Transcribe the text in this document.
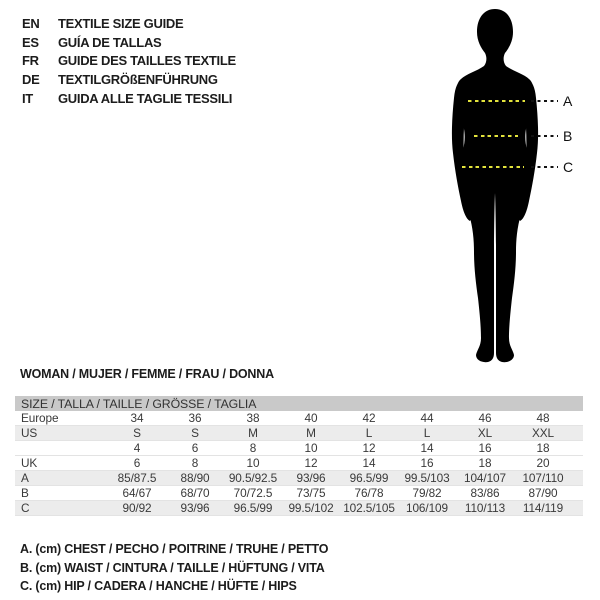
EN	TEXTILE SIZE GUIDE
ES	GUÍA DE TALLAS
FR	GUIDE DES TAILLES TEXTILE
DE	TEXTILGRÖßENFÜHRUNG
IT	GUIDA ALLE TAGLIE TESSILI	A
B
C
WOMAN / MUJER / FEMME / FRAU / DONNA
SIZE / TALLA / TAILLE / GRÖSSE / TAGLIA									
Europe	34	36	38	40	42	44	46	48	
US	S	S	M	M	L	L	XL	XXL	
	4	6	8	10	12	14	16	18	
UK	6	8	10	12	14	16	18	20	
A	85/87.5	88/90	90.5/92.5	93/96	96.5/99	99.5/103	104/107	107/110	
B	64/67	68/70	70/72.5	73/75	76/78	79/82	83/86	87/90	
C	90/92	93/96	96.5/99	99.5/102	102.5/105	106/109	110/113	114/119	
A. (cm) CHEST / PECHO / POITRINE / TRUHE / PETTO
B. (cm) WAIST / CINTURA / TAILLE / HÜFTUNG / VITA
C. (cm) HIP / CADERA / HANCHE / HÜFTE / HIPS
